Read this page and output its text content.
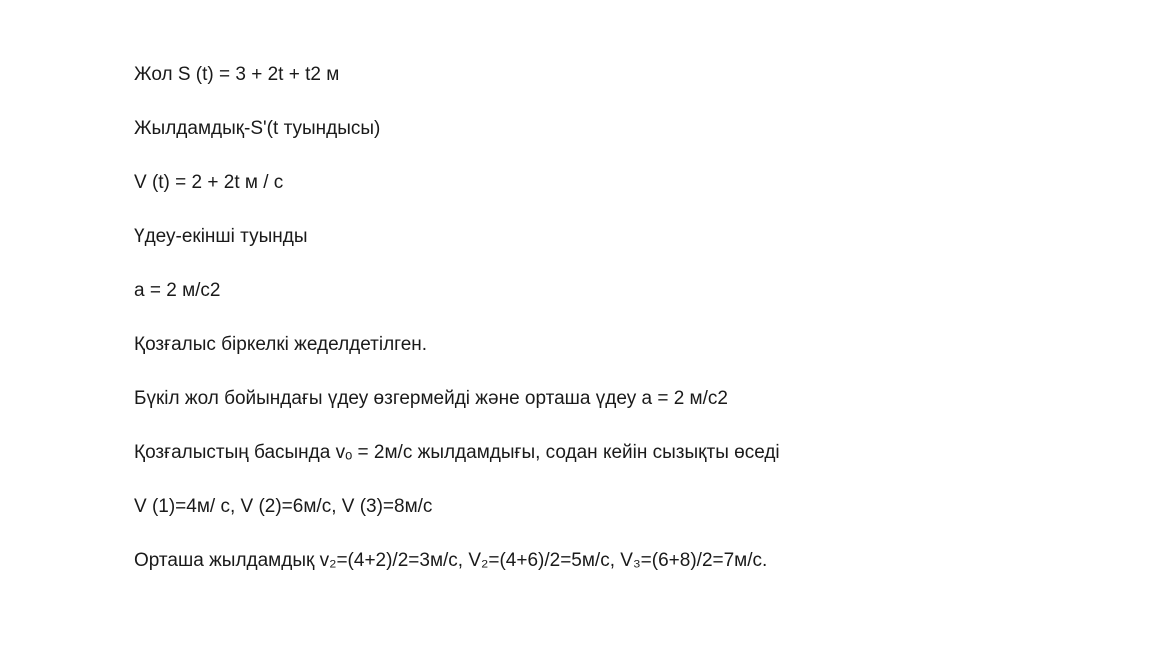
Жол S (t) = 3 + 2t + t2 м
Жылдамдық-S'(t туындысы)
V (t) = 2 + 2t м / с
Үдеу-екінші туынды
a = 2 м/с2
Қозғалыс біркелкі жеделдетілген.
Бүкіл жол бойындағы үдеу өзгермейді және орташа үдеу a = 2 м/с2
Қозғалыстың басында vₒ = 2м/с жылдамдығы, содан кейін сызықты өседі
V (1)=4м/ с, V (2)=6м/с, V (3)=8м/с
Орташа жылдамдық v₂=(4+2)/2=3м/с, V₂=(4+6)/2=5м/с, V₃=(6+8)/2=7м/с.
